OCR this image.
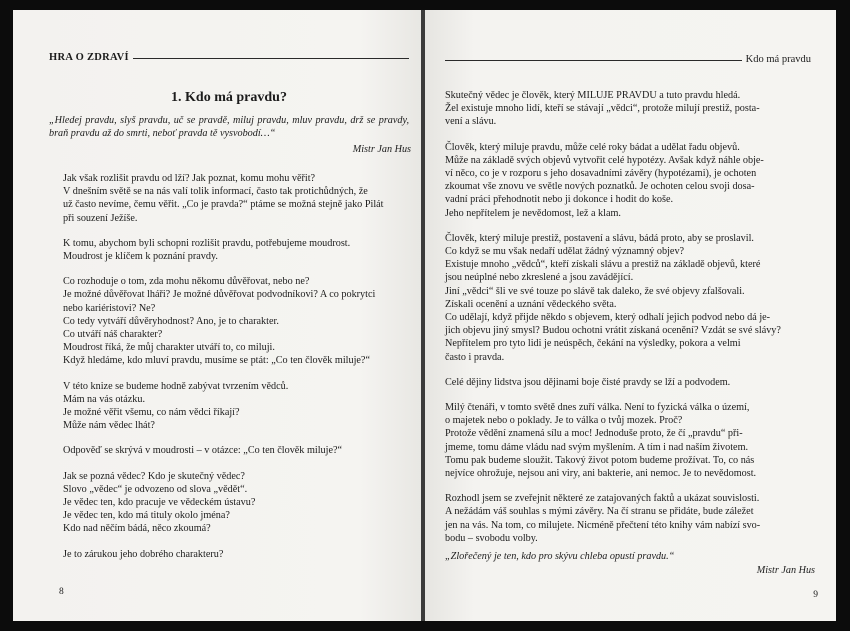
HRA O ZDRAVÍ
1. Kdo má pravdu?
„Hledej pravdu, slyš pravdu, uč se pravdě, miluj pravdu, mluv pravdu, drž se pravdy, braň pravdu až do smrti, neboť pravda tě vysvobodí…“
Mistr Jan Hus

Jak však rozlišit pravdu od lží? Jak poznat, komu mohu věřit?

V dnešním světě se na nás valí tolik informací, často tak protichůdných, že

už často nevíme, čemu věřit. „Co je pravda?“ ptáme se možná stejně jako Pilát

při souzení Ježíše.

K tomu, abychom byli schopni rozlišit pravdu, potřebujeme moudrost.

Moudrost je klíčem k poznání pravdy.

Co rozhoduje o tom, zda mohu někomu důvěřovat, nebo ne?

Je možné důvěřovat lháři? Je možné důvěřovat podvodníkovi? A co pokrytci

nebo kariéristovi? Ne?

Co tedy vytváří důvěryhodnost? Ano, je to charakter.

Co utváří náš charakter?

Moudrost říká, že můj charakter utváří to, co miluji.

Když hledáme, kdo mluví pravdu, musíme se ptát: „Co ten člověk miluje?“

V této knize se budeme hodně zabývat tvrzením vědců.

Mám na vás otázku.

Je možné věřit všemu, co nám vědci říkají?

Může nám vědec lhát?

Odpověď se skrývá v moudrosti – v otázce: „Co ten člověk miluje?“

Jak se pozná vědec? Kdo je skutečný vědec?

Slovo „vědec“ je odvozeno od slova „vědět“.

Je vědec ten, kdo pracuje ve vědeckém ústavu?

Je vědec ten, kdo má tituly okolo jména?

Kdo nad něčím bádá, něco zkoumá?

Je to zárukou jeho dobrého charakteru?

8
Kdo má pravdu

Skutečný vědec je člověk, který MILUJE PRAVDU a tuto pravdu hledá.

Žel existuje mnoho lidí, kteří se stávají „vědci“, protože milují prestiž, posta-

vení a slávu.

Člověk, který miluje pravdu, může celé roky bádat a udělat řadu objevů.

Může na základě svých objevů vytvořit celé hypotézy. Avšak když náhle obje-

ví něco, co je v rozporu s jeho dosavadními závěry (hypotézami), je ochoten

zkoumat vše znovu ve světle nových poznatků. Je ochoten celou svoji dosa-

vadní práci přehodnotit nebo ji dokonce i hodit do koše.

Jeho nepřítelem je nevědomost, lež a klam.

Člověk, který miluje prestiž, postavení a slávu, bádá proto, aby se proslavil.

Co když se mu však nedaří udělat žádný významný objev?

Existuje mnoho „vědců“, kteří získali slávu a prestiž na základě objevů, které

jsou neúplné nebo zkreslené a jsou zavádějící.

Jiní „vědci“ šli ve své touze po slávě tak daleko, že své objevy zfalšovali.

Získali ocenění a uznání vědeckého světa.

Co udělají, když přijde někdo s objevem, který odhalí jejich podvod nebo dá je-

jich objevu jiný smysl? Budou ochotni vrátit získaná ocenění? Vzdát se své slávy?

Nepřítelem pro tyto lidi je neúspěch, čekání na výsledky, pokora a velmi

často i pravda.

Celé dějiny lidstva jsou dějinami boje čisté pravdy se lží a podvodem.

Milý čtenáři, v tomto světě dnes zuří válka. Není to fyzická válka o území,

o majetek nebo o poklady. Je to válka o tvůj mozek. Proč?

Protože vědění znamená sílu a moc! Jednoduše proto, že čí „pravdu“ při-

jmeme, tomu dáme vládu nad svým myšlením. A tím i nad naším životem.

Tomu pak budeme sloužit. Takový život potom budeme prožívat. To, co nás

nejvíce ohrožuje, nejsou ani viry, ani bakterie, ani nemoc. Je to nevědomost.

Rozhodl jsem se zveřejnit některé ze zatajovaných faktů a ukázat souvislosti.

A nežádám váš souhlas s mými závěry. Na čí stranu se přidáte, bude záležet

jen na vás. Na tom, co milujete. Nicméně přečtení této knihy vám nabízí svo-

bodu – svobodu volby.

„Zlořečený je ten, kdo pro skývu chleba opustí pravdu.“
Mistr Jan Hus
9
